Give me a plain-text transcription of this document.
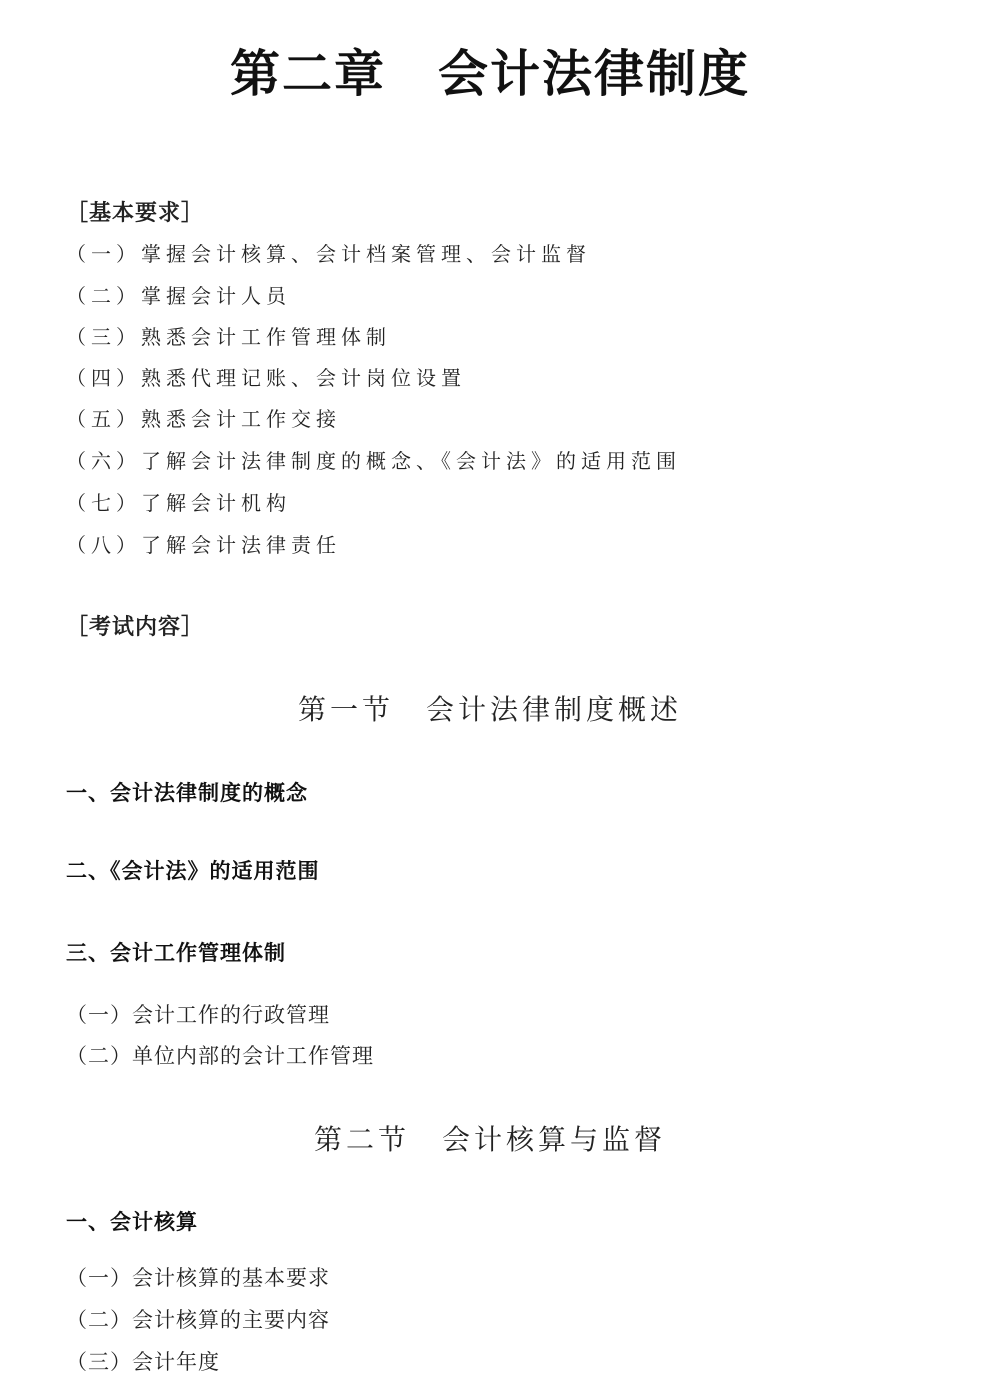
第二章　会计法律制度
［基本要求］
（一）掌握会计核算、会计档案管理、会计监督
（二）掌握会计人员
（三）熟悉会计工作管理体制
（四）熟悉代理记账、会计岗位设置
（五）熟悉会计工作交接
（六）了解会计法律制度的概念、《会计法》的适用范围
（七）了解会计机构
（八）了解会计法律责任
［考试内容］
第一节　会计法律制度概述
一、会计法律制度的概念
二、《会计法》的适用范围
三、会计工作管理体制
（一）会计工作的行政管理
（二）单位内部的会计工作管理
第二节　会计核算与监督
一、会计核算
（一）会计核算的基本要求
（二）会计核算的主要内容
（三）会计年度
